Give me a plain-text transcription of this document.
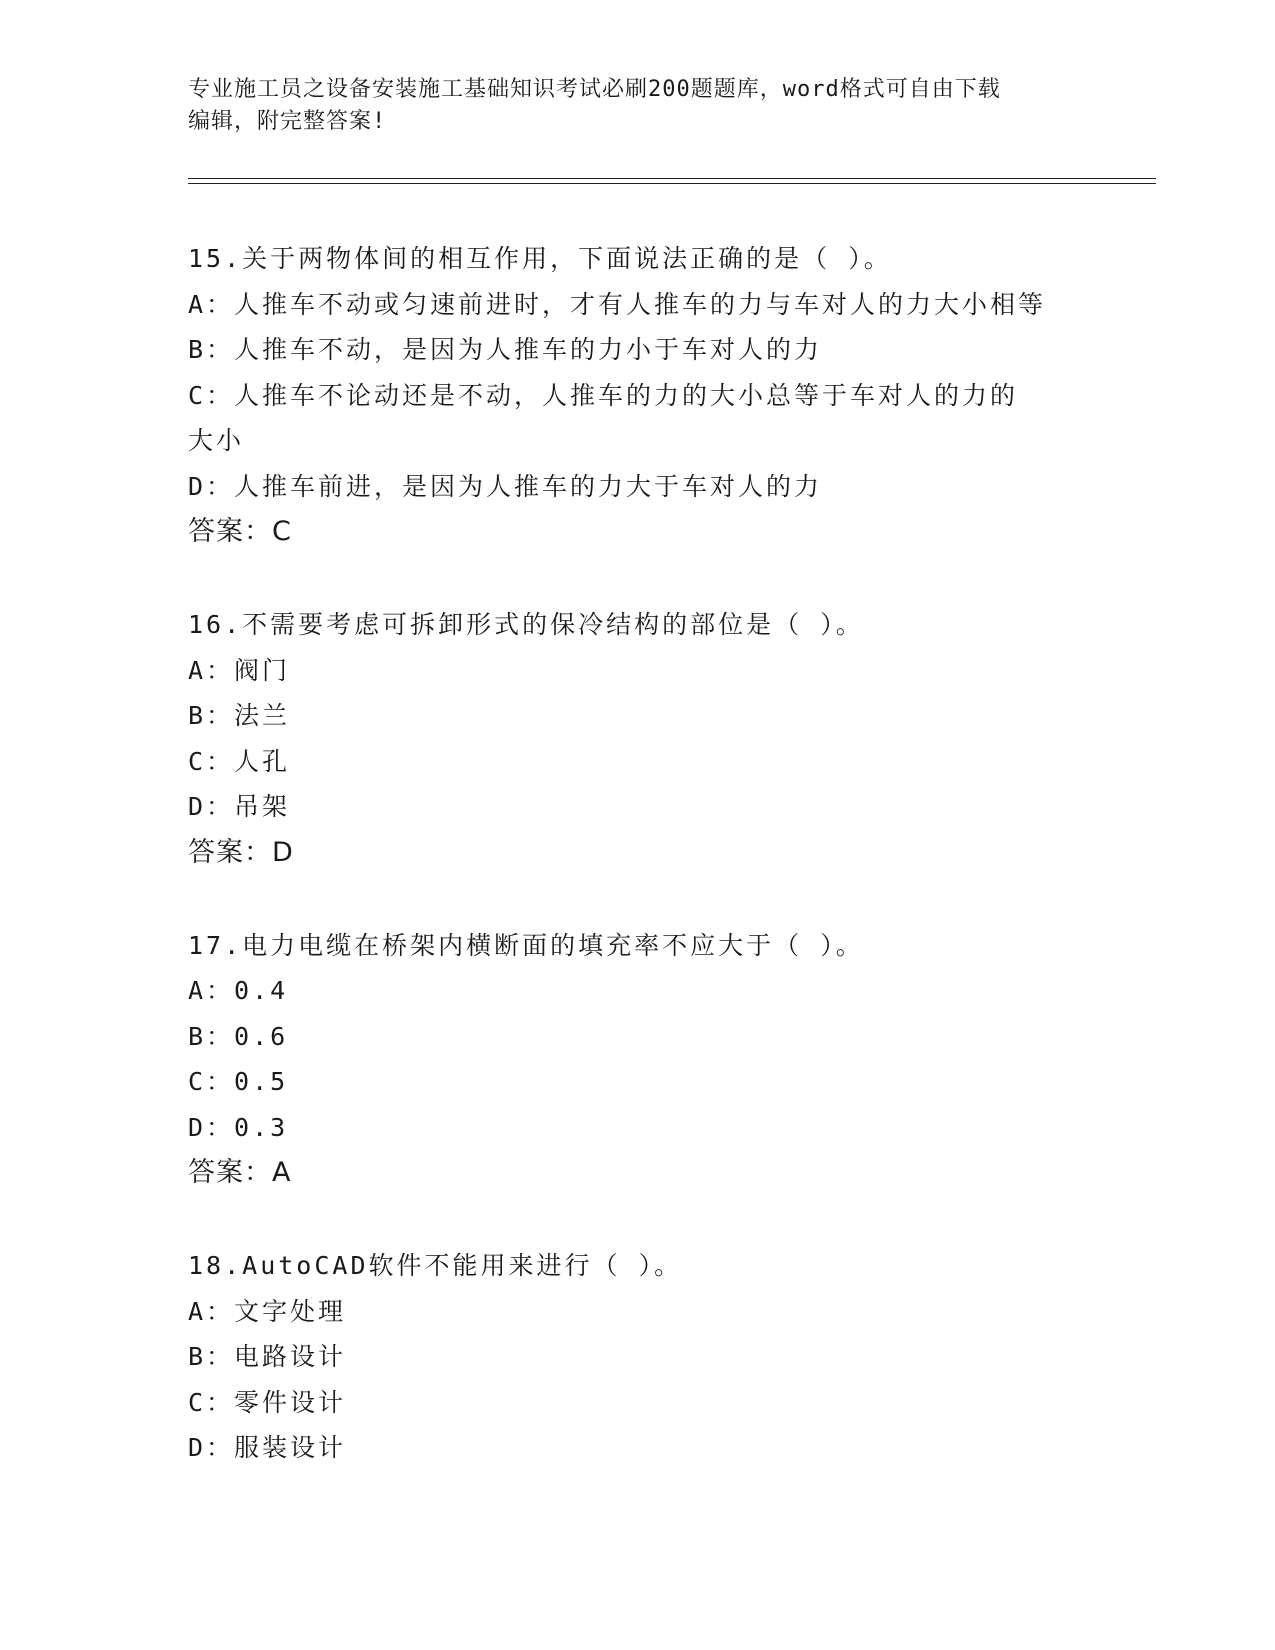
专业施工员之设备安装施工基础知识考试必刷200题题库，word格式可自由下载
编辑，附完整答案!
15.关于两物体间的相互作用，下面说法正确的是（ ）。
A：人推车不动或匀速前进时，才有人推车的力与车对人的力大小相等
B：人推车不动，是因为人推车的力小于车对人的力
C：人推车不论动还是不动，人推车的力的大小总等于车对人的力的大小
D：人推车前进，是因为人推车的力大于车对人的力
答案：C
16.不需要考虑可拆卸形式的保冷结构的部位是（ ）。
A：阀门
B：法兰
C：人孔
D：吊架
答案：D
17.电力电缆在桥架内横断面的填充率不应大于（ ）。
A：0.4
B：0.6
C：0.5
D：0.3
答案：A
18.AutoCAD软件不能用来进行（ ）。
A：文字处理
B：电路设计
C：零件设计
D：服装设计
